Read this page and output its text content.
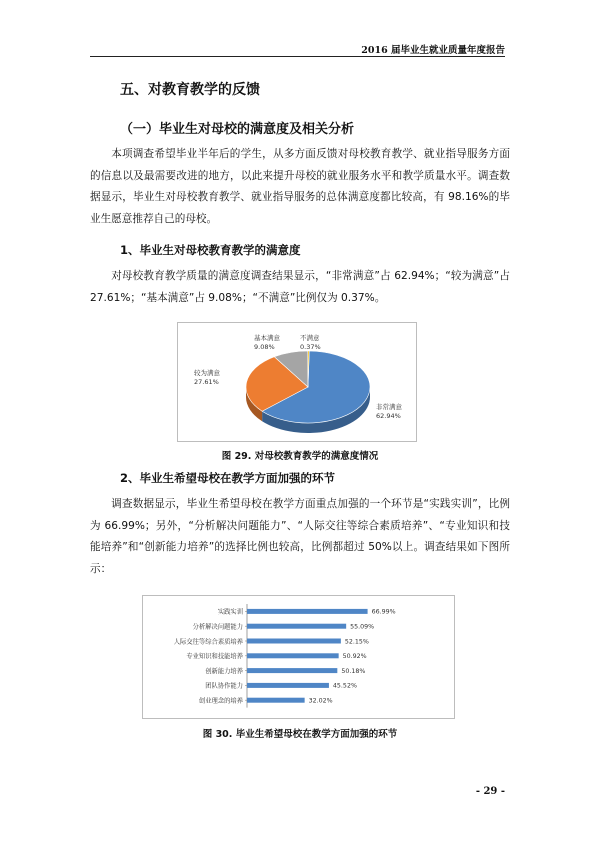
2016 届毕业生就业质量年度报告
五、对教育教学的反馈
（一）毕业生对母校的满意度及相关分析

本项调查希望毕业半年后的学生，从多方面反馈对母校教育教学、就业指导服务方面的信息以及最需要改进的地方，以此来提升母校的就业服务水平和教学质量水平。调查数据显示，毕业生对母校教育教学、就业指导服务的总体满意度都比较高，有 98.16%的毕业生愿意推荐自己的母校。

1、毕业生对母校教育教学的满意度

对母校教育教学质量的满意度调查结果显示，“非常满意”占 62.94%；“较为满意”占 27.61%；“基本满意”占 9.08%；“不满意”比例仅为 0.37%。

非常满意
62.94%
较为满意
27.61%
基本满意
9.08%
不满意
0.37%
图 29. 对母校教育教学的满意度情况
2、毕业生希望母校在教学方面加强的环节

调查数据显示，毕业生希望母校在教学方面重点加强的一个环节是“实践实训”，比例为 66.99%；另外，“分析解决问题能力”、“人际交往等综合素质培养”、“专业知识和技能培养”和“创新能力培养”的选择比例也较高，比例都超过 50%以上。调查结果如下图所示：

实践实训	66.99%
分析解决问题能力	55.09%
人际交往等综合素质培养	52.15%
专业知识和技能培养	50.92%
创新能力培养	50.18%
团队协作能力	45.52%
创业理念的培养	32.02%
图 30. 毕业生希望母校在教学方面加强的环节
- 29 -
